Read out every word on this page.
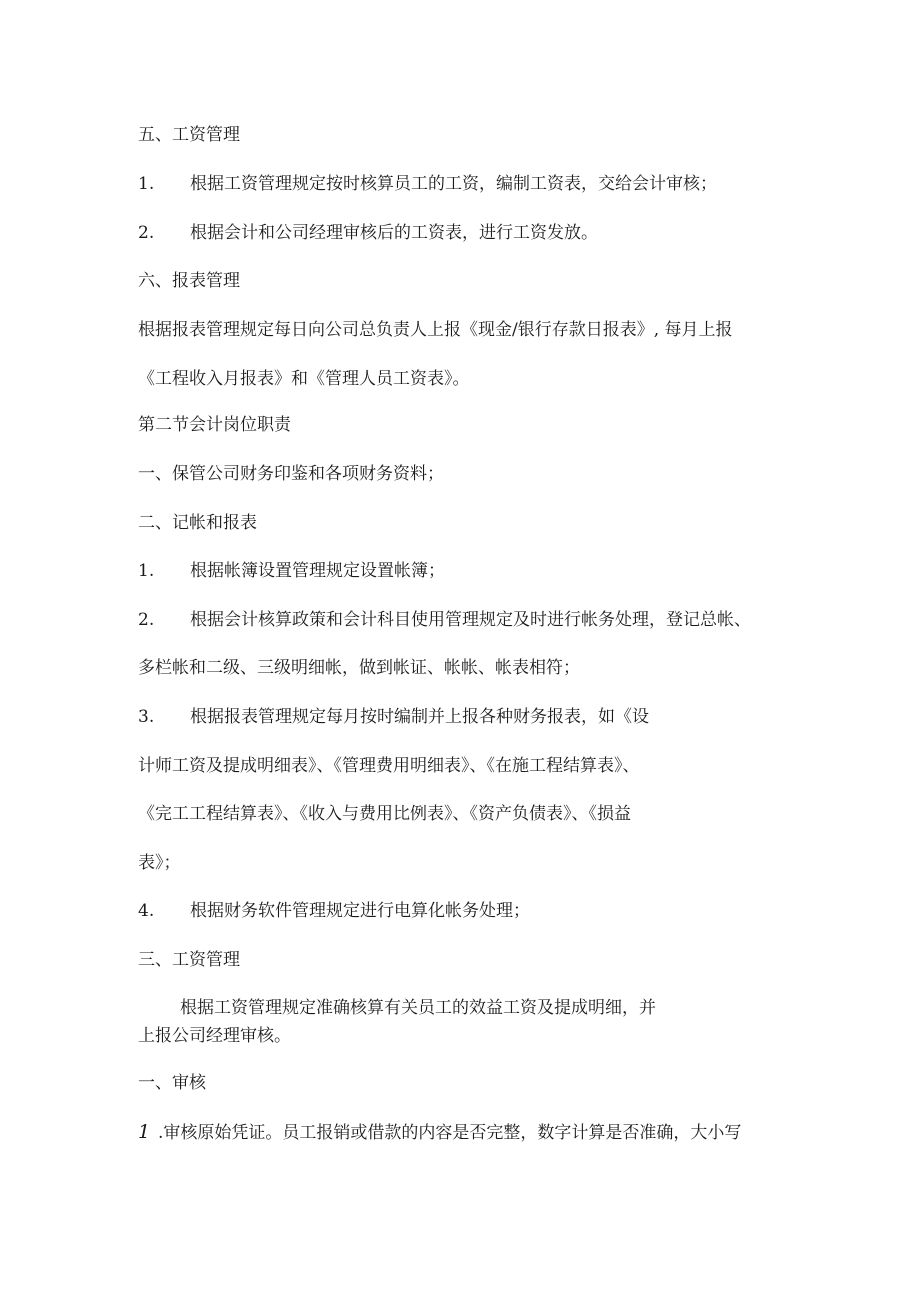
五、工资管理
1. 根据工资管理规定按时核算员工的工资，编制工资表，交给会计审核；
2. 根据会计和公司经理审核后的工资表，进行工资发放。
六、报表管理
根据报表管理规定每日向公司总负责人上报《现金/银行存款日报表》, 每月上报
《工程收入月报表》和《管理人员工资表》。
第二节会计岗位职责
一、保管公司财务印鉴和各项财务资料；
二、记帐和报表
1. 根据帐簿设置管理规定设置帐簿；
2. 根据会计核算政策和会计科目使用管理规定及时进行帐务处理，登记总帐、
多栏帐和二级、三级明细帐，做到帐证、帐帐、帐表相符；
3. 根据报表管理规定每月按时编制并上报各种财务报表，如《设
计师工资及提成明细表》、《管理费用明细表》、《在施工程结算表》、
《完工工程结算表》、《收入与费用比例表》、《资产负债表》、《损益
表》；
4. 根据财务软件管理规定进行电算化帐务处理；
三、工资管理
根据工资管理规定准确核算有关员工的效益工资及提成明细，并
上报公司经理审核。
一、审核
1 .审核原始凭证。员工报销或借款的内容是否完整，数字计算是否准确，大小写
